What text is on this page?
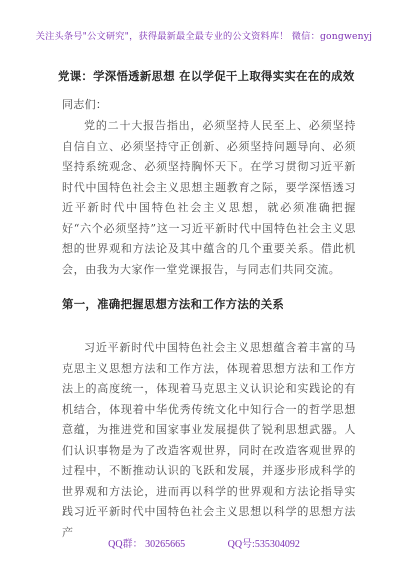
关注头条号"公文研究"，获得最新最全最专业的公文资料库！ 微信：gongwenyj
党课：学深悟透新思想 在以学促干上取得实实在在的成效
同志们：

党的二十大报告指出，必须坚持人民至上、必须坚持自信自立、必须坚持守正创新、必须坚持问题导向、必须坚持系统观念、必须坚持胸怀天下。在学习贯彻习近平新时代中国特色社会主义思想主题教育之际，要学深悟透习近平新时代中国特色社会主义思想，就必须准确把握好“六个必须坚持”这一习近平新时代中国特色社会主义思想的世界观和方法论及其中蕴含的几个重要关系。借此机会，由我为大家作一堂党课报告，与同志们共同交流。

第一，准确把握思想方法和工作方法的关系

习近平新时代中国特色社会主义思想蕴含着丰富的马克思主义思想方法和工作方法，体现着思想方法和工作方法上的高度统一，体现着马克思主义认识论和实践论的有机结合，体现着中华优秀传统文化中知行合一的哲学思想意蕴，为推进党和国家事业发展提供了锐利思想武器。人们认识事物是为了改造客观世界，同时在改造客观世界的过程中，不断推动认识的飞跃和发展，并逐步形成科学的世界观和方法论，进而再以科学的世界观和方法论指导实践习近平新时代中国特色社会主义思想以科学的思想方法产

QQ群： 30265665	QQ号:535304092
